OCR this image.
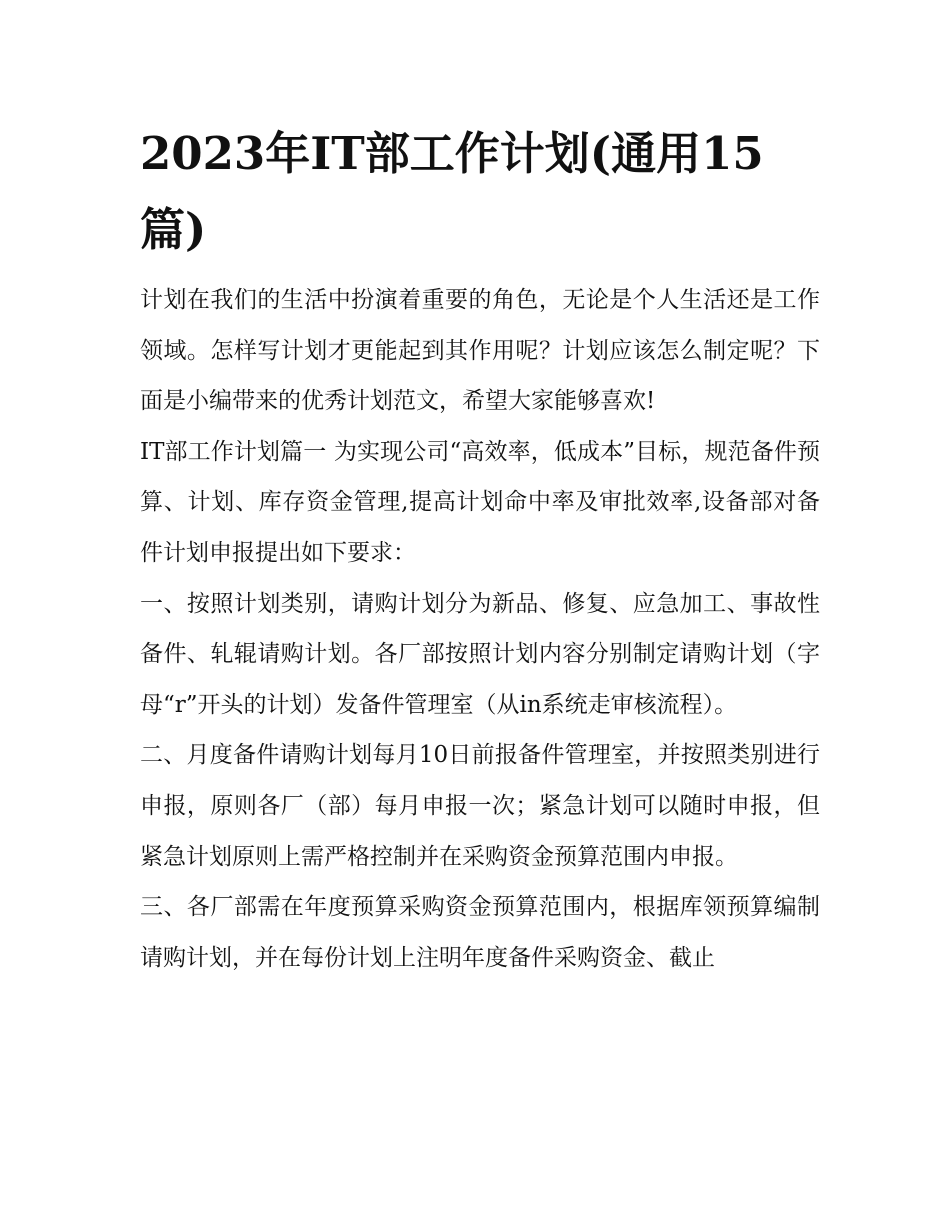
2023年IT部工作计划(通用15篇)

计划在我们的生活中扮演着重要的角色，无论是个人生活还是工作领域。怎样写计划才更能起到其作用呢？计划应该怎么制定呢？下面是小编带来的优秀计划范文，希望大家能够喜欢!

IT部工作计划篇一 为实现公司“高效率，低成本”目标，规范备件预算、计划、库存资金管理,提高计划命中率及审批效率,设备部对备件计划申报提出如下要求：

一、按照计划类别，请购计划分为新品、修复、应急加工、事故性备件、轧辊请购计划。各厂部按照计划内容分别制定请购计划（字母“r”开头的计划）发备件管理室（从in系统走审核流程）。

二、月度备件请购计划每月10日前报备件管理室，并按照类别进行申报，原则各厂（部）每月申报一次；紧急计划可以随时申报，但紧急计划原则上需严格控制并在采购资金预算范围内申报。

三、各厂部需在年度预算采购资金预算范围内，根据库领预算编制请购计划，并在每份计划上注明年度备件采购资金、截止
